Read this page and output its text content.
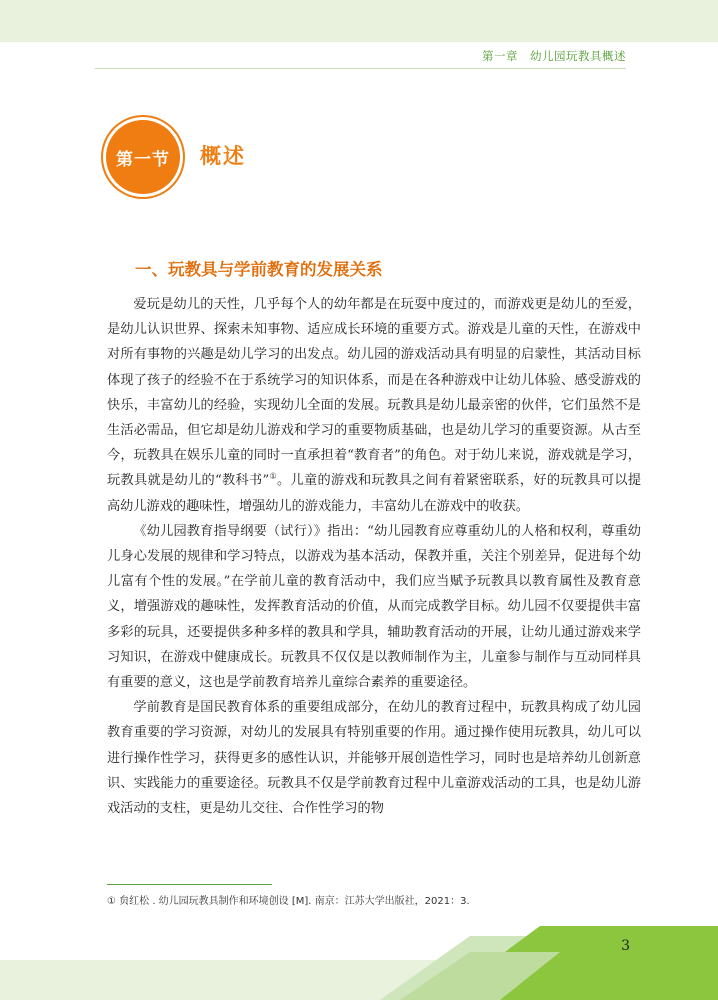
第一章　幼儿园玩教具概述
第一节 概述
一、玩教具与学前教育的发展关系

爱玩是幼儿的天性，几乎每个人的幼年都是在玩耍中度过的，而游戏更是幼儿的至爱，是幼儿认识世界、探索未知事物、适应成长环境的重要方式。游戏是儿童的天性，在游戏中对所有事物的兴趣是幼儿学习的出发点。幼儿园的游戏活动具有明显的启蒙性，其活动目标体现了孩子的经验不在于系统学习的知识体系，而是在各种游戏中让幼儿体验、感受游戏的快乐，丰富幼儿的经验，实现幼儿全面的发展。玩教具是幼儿最亲密的伙伴，它们虽然不是生活必需品，但它却是幼儿游戏和学习的重要物质基础，也是幼儿学习的重要资源。从古至今，玩教具在娱乐儿童的同时一直承担着“教育者”的角色。对于幼儿来说，游戏就是学习，玩教具就是幼儿的“教科书”①。儿童的游戏和玩教具之间有着紧密联系，好的玩教具可以提高幼儿游戏的趣味性，增强幼儿的游戏能力，丰富幼儿在游戏中的收获。

《幼儿园教育指导纲要（试行）》指出：“幼儿园教育应尊重幼儿的人格和权利，尊重幼儿身心发展的规律和学习特点，以游戏为基本活动，保教并重，关注个别差异，促进每个幼儿富有个性的发展。”在学前儿童的教育活动中，我们应当赋予玩教具以教育属性及教育意义，增强游戏的趣味性，发挥教育活动的价值，从而完成教学目标。幼儿园不仅要提供丰富多彩的玩具，还要提供多种多样的教具和学具，辅助教育活动的开展，让幼儿通过游戏来学习知识，在游戏中健康成长。玩教具不仅仅是以教师制作为主，儿童参与制作与互动同样具有重要的意义，这也是学前教育培养儿童综合素养的重要途径。

学前教育是国民教育体系的重要组成部分，在幼儿的教育过程中，玩教具构成了幼儿园教育重要的学习资源，对幼儿的发展具有特别重要的作用。通过操作使用玩教具，幼儿可以进行操作性学习，获得更多的感性认识，并能够开展创造性学习，同时也是培养幼儿创新意识、实践能力的重要途径。玩教具不仅是学前教育过程中儿童游戏活动的工具，也是幼儿游戏活动的支柱，更是幼儿交往、合作性学习的物

① 贠红松 . 幼儿园玩教具制作和环境创设 [M]. 南京：江苏大学出版社，2021：3.
3
